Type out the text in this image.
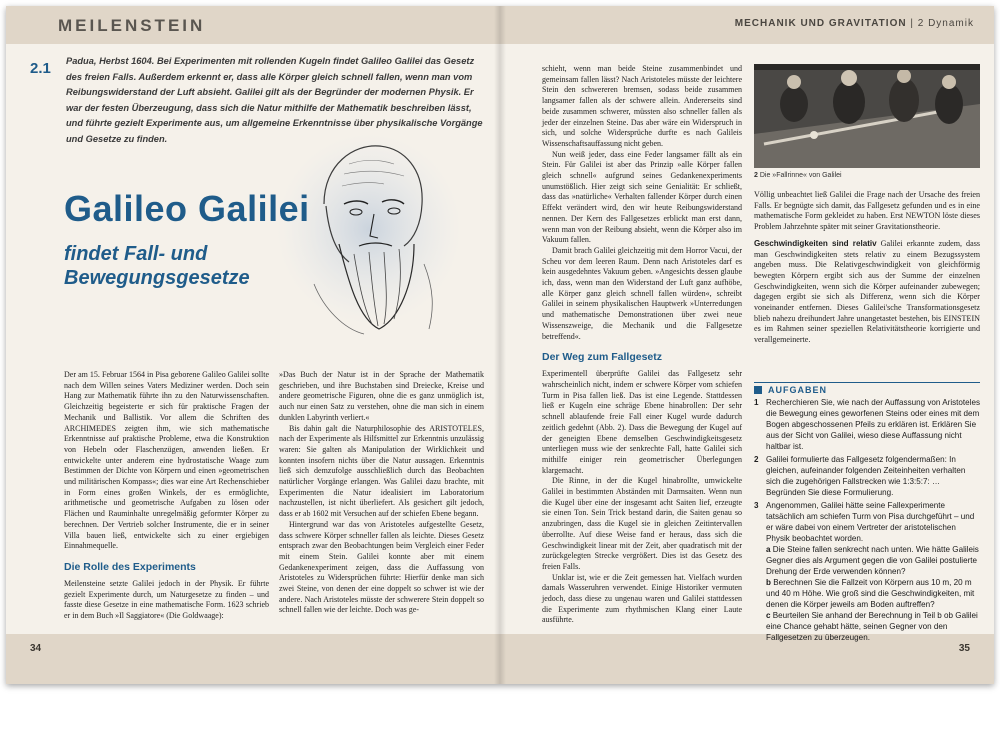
MEILENSTEIN
2.1 Padua, Herbst 1604. Bei Experimenten mit rollenden Kugeln findet Galileo Galilei das Gesetz des freien Falls. Außerdem erkennt er, dass alle Körper gleich schnell fallen, wenn man vom Reibungswiderstand der Luft absieht. Galilei gilt als der Begründer der modernen Physik. Er war der festen Überzeugung, dass sich die Natur mithilfe der Mathematik beschreiben lässt, und führte gezielt Experimente aus, um allgemeine Erkenntnisse über physikalische Vorgänge und Gesetze zu finden.
Galileo Galilei
findet Fall- und Bewegungsgesetze

Der am 15. Februar 1564 in Pisa geborene Galileo Galilei sollte nach dem Willen seines Vaters Mediziner werden. Doch sein Hang zur Mathematik führte ihn zu den Naturwissenschaften. Gleichzeitig begeisterte er sich für praktische Fragen der Mechanik und Ballistik. Vor allem die Schriften des ARCHIMEDES zeigten ihm, wie sich mathematische Erkenntnisse auf praktische Probleme, etwa die Konstruktion von Hebeln oder Flaschenzügen, anwenden ließen. Er entwickelte unter anderem eine hydrostatische Waage zum Bestimmen der Dichte von Körpern und einen »geometrischen und militärischen Kompass«; dies war eine Art Rechenschieber in Form eines großen Winkels, der es ermöglichte, arithmetische und geometrische Aufgaben zu lösen oder Flächen und Rauminhalte unregelmäßig geformter Körper zu berechnen. Der Vertrieb solcher Instrumente, die er in seiner Villa bauen ließ, entwickelte sich zu einer ergiebigen Einnahmequelle.

Die Rolle des Experiments

Meilensteine setzte Galilei jedoch in der Physik. Er führte gezielt Experimente durch, um Naturgesetze zu finden – und fasste diese Gesetze in eine mathematische Form. 1623 schrieb er in dem Buch »Il Saggiatore« (Die Goldwaage):

»Das Buch der Natur ist in der Sprache der Mathematik geschrieben, und ihre Buchstaben sind Dreiecke, Kreise und andere geometrische Figuren, ohne die es ganz unmöglich ist, auch nur einen Satz zu verstehen, ohne die man sich in einem dunklen Labyrinth verliert.«

Bis dahin galt die Naturphilosophie des ARISTOTELES, nach der Experimente als Hilfsmittel zur Erkenntnis unzulässig waren: Sie galten als Manipulation der Wirklichkeit und konnten insofern nichts über die Natur aussagen. Erkenntnis ließ sich demzufolge ausschließlich durch das Beobachten natürlicher Vorgänge erlangen. Was Galilei dazu brachte, mit Experimenten die Natur idealisiert im Laboratorium nachzustellen, ist nicht überliefert. Als gesichert gilt jedoch, dass er ab 1602 mit Versuchen auf der schiefen Ebene begann.

Hintergrund war das von Aristoteles aufgestellte Gesetz, dass schwere Körper schneller fallen als leichte. Dieses Gesetz entsprach zwar den Beobachtungen beim Vergleich einer Feder mit einem Stein. Galilei konnte aber mit einem Gedankenexperiment zeigen, dass die Auffassung von Aristoteles zu Widersprüchen führte: Hierfür denke man sich zwei Steine, von denen der eine doppelt so schwer ist wie der andere. Nach Aristoteles müsste der schwerere Stein doppelt so schnell fallen wie der leichte. Doch was ge-

34
MECHANIK UND GRAVITATION | 2 Dynamik
35

schieht, wenn man beide Steine zusammenbindet und gemeinsam fallen lässt? Nach Aristoteles müsste der leichtere Stein den schwereren bremsen, sodass beide zusammen langsamer fallen als der schwere allein. Andererseits sind beide zusammen schwerer, müssten also schneller fallen als jeder der einzelnen Steine. Das aber wäre ein Widerspruch in sich, und solche Widersprüche durfte es nach Galileis Wissenschaftsauffassung nicht geben.

Nun weiß jeder, dass eine Feder langsamer fällt als ein Stein. Für Galilei ist aber das Prinzip »alle Körper fallen gleich schnell« aufgrund seines Gedankenexperiments unumstößlich. Hier zeigt sich seine Genialität: Er schließt, dass das »natürliche« Verhalten fallender Körper durch einen Effekt verändert wird, den wir heute Reibungswiderstand nennen. Der Kern des Fallgesetzes erblickt man erst dann, wenn man von der Reibung absieht, wenn die Körper also im Vakuum fallen.

Damit brach Galilei gleichzeitig mit dem Horror Vacui, der Scheu vor dem leeren Raum. Denn nach Aristoteles darf es kein ausgedehntes Vakuum geben. »Angesichts dessen glaube ich, dass, wenn man den Widerstand der Luft ganz aufhöbe, alle Körper ganz gleich schnell fallen würden«, schreibt Galilei in seinem physikalischen Hauptwerk »Unterredungen und mathematische Demonstrationen über zwei neue Wissenszweige, die Mechanik und die Fallgesetze betreffend«.

Der Weg zum Fallgesetz

Experimentell überprüfte Galilei das Fallgesetz sehr wahrscheinlich nicht, indem er schwere Körper vom schiefen Turm in Pisa fallen ließ. Das ist eine Legende. Stattdessen ließ er Kugeln eine schräge Ebene hinabrollen: Der sehr schnell ablaufende freie Fall einer Kugel wurde dadurch zeitlich gedehnt (Abb. 2). Dass die Bewegung der Kugel auf der geneigten Ebene demselben Geschwindigkeitsgesetz unterliegen muss wie der senkrechte Fall, hatte Galilei sich mithilfe einiger rein geometrischer Überlegungen klargemacht.

Die Rinne, in der die Kugel hinabrollte, umwickelte Galilei in bestimmten Abständen mit Darmsaiten. Wenn nun die Kugel über eine der insgesamt acht Saiten lief, erzeugte sie einen Ton. Sein Trick bestand darin, die Saiten genau so anzubringen, dass die Kugel sie in gleichen Zeitintervallen überrollte. Auf diese Weise fand er heraus, dass sich die Geschwindigkeit linear mit der Zeit, aber quadratisch mit der zurückgelegten Strecke vergrößert. Dies ist das Gesetz des freien Falls.

Unklar ist, wie er die Zeit gemessen hat. Vielfach wurden damals Wasseruhren verwendet. Einige Historiker vermuten jedoch, dass diese zu ungenau waren und Galilei stattdessen die Experimente zum rhythmischen Klang einer Laute ausführte.

2 Die »Fallrinne« von Galilei

Völlig unbeachtet ließ Galilei die Frage nach der Ursache des freien Falls. Er begnügte sich damit, das Fallgesetz gefunden und es in eine mathematische Form gekleidet zu haben. Erst NEWTON löste dieses Problem Jahrzehnte später mit seiner Gravitationstheorie.

Geschwindigkeiten sind relativ Galilei erkannte zudem, dass man Geschwindigkeiten stets relativ zu einem Bezugssystem angeben muss. Die Relativgeschwindigkeit von gleichförmig bewegten Körpern ergibt sich aus der Summe der einzelnen Geschwindigkeiten, wenn sich die Körper aufeinander zubewegen; dagegen ergibt sie sich als Differenz, wenn sich die Körper voneinander entfernen. Dieses Galilei'sche Transformationsgesetz blieb nahezu dreihundert Jahre unangetastet bestehen, bis EINSTEIN es im Rahmen seiner speziellen Relativitätstheorie korrigierte und verallgemeinerte.

AUFGABEN
1 Recherchieren Sie, wie nach der Auffassung von Aristoteles die Bewegung eines geworfenen Steins oder eines mit dem Bogen abgeschossenen Pfeils zu erklären ist. Erklären Sie aus der Sicht von Galilei, wieso diese Auffassung nicht haltbar ist.
2 Galilei formulierte das Fallgesetz folgendermaßen: In gleichen, aufeinander folgenden Zeiteinheiten verhalten sich die zugehörigen Fallstrecken wie 1:3:5:7: … Begründen Sie diese Formulierung.
3 Angenommen, Galilei hätte seine Fallexperimente tatsächlich am schiefen Turm von Pisa durchgeführt – und er wäre dabei von einem Vertreter der aristotelischen Physik beobachtet worden.
a Die Steine fallen senkrecht nach unten. Wie hätte Galileis Gegner dies als Argument gegen die von Galilei postulierte Drehung der Erde verwenden können?
b Berechnen Sie die Fallzeit von Körpern aus 10 m, 20 m und 40 m Höhe. Wie groß sind die Geschwindigkeiten, mit denen die Körper jeweils am Boden auftreffen?
c Beurteilen Sie anhand der Berechnung in Teil b ob Galilei eine Chance gehabt hätte, seinen Gegner von den Fallgesetzen zu überzeugen.
